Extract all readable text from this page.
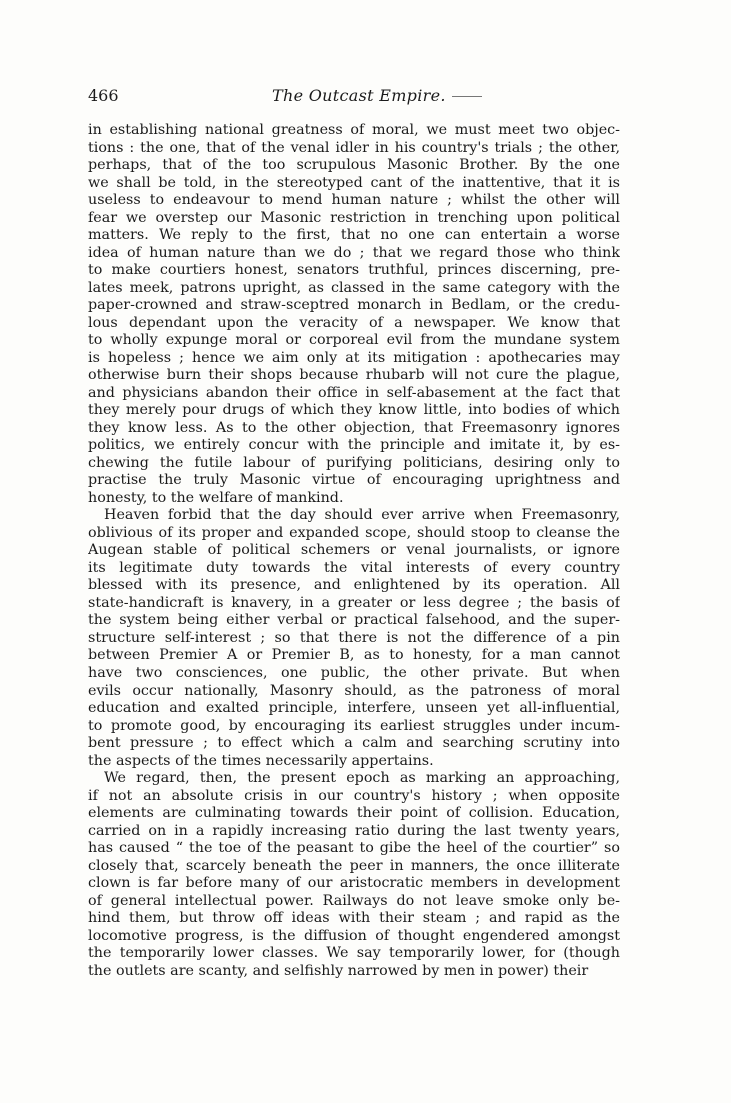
466	The Outcast Empire.
in establishing national greatness of moral, we must meet two objec-
tions : the one, that of the venal idler in his country's trials ; the other,
perhaps, that of the too scrupulous Masonic Brother. By the one
we shall be told, in the stereotyped cant of the inattentive, that it is
useless to endeavour to mend human nature ; whilst the other will
fear we overstep our Masonic restriction in trenching upon political
matters. We reply to the first, that no one can entertain a worse
idea of human nature than we do ; that we regard those who think
to make courtiers honest, senators truthful, princes discerning, pre-
lates meek, patrons upright, as classed in the same category with the
paper-crowned and straw-sceptred monarch in Bedlam, or the credu-
lous dependant upon the veracity of a newspaper. We know that
to wholly expunge moral or corporeal evil from the mundane system
is hopeless ; hence we aim only at its mitigation : apothecaries may
otherwise burn their shops because rhubarb will not cure the plague,
and physicians abandon their office in self-abasement at the fact that
they merely pour drugs of which they know little, into bodies of which
they know less. As to the other objection, that Freemasonry ignores
politics, we entirely concur with the principle and imitate it, by es-
chewing the futile labour of purifying politicians, desiring only to
practise the truly Masonic virtue of encouraging uprightness and
honesty, to the welfare of mankind.
Heaven forbid that the day should ever arrive when Freemasonry,
oblivious of its proper and expanded scope, should stoop to cleanse the
Augean stable of political schemers or venal journalists, or ignore
its legitimate duty towards the vital interests of every country
blessed with its presence, and enlightened by its operation. All
state-handicraft is knavery, in a greater or less degree ; the basis of
the system being either verbal or practical falsehood, and the super-
structure self-interest ; so that there is not the difference of a pin
between Premier A or Premier B, as to honesty, for a man cannot
have two consciences, one public, the other private. But when
evils occur nationally, Masonry should, as the patroness of moral
education and exalted principle, interfere, unseen yet all-influential,
to promote good, by encouraging its earliest struggles under incum-
bent pressure ; to effect which a calm and searching scrutiny into
the aspects of the times necessarily appertains.
We regard, then, the present epoch as marking an approaching,
if not an absolute crisis in our country's history ; when opposite
elements are culminating towards their point of collision. Education,
carried on in a rapidly increasing ratio during the last twenty years,
has caused “ the toe of the peasant to gibe the heel of the courtier” so
closely that, scarcely beneath the peer in manners, the once illiterate
clown is far before many of our aristocratic members in development
of general intellectual power. Railways do not leave smoke only be-
hind them, but throw off ideas with their steam ; and rapid as the
locomotive progress, is the diffusion of thought engendered amongst
the temporarily lower classes. We say temporarily lower, for (though
the outlets are scanty, and selfishly narrowed by men in power) their
